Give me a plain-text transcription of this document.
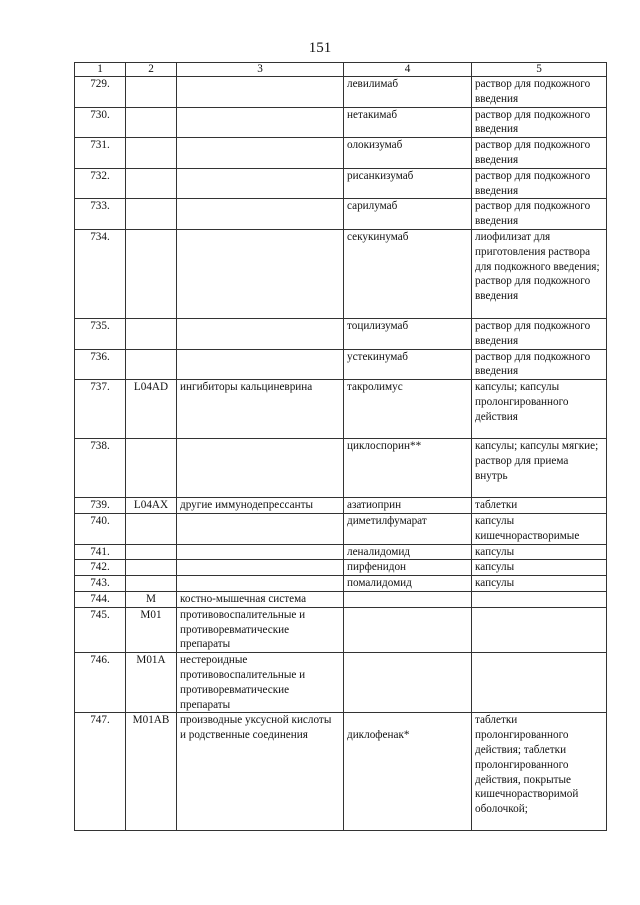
151
1	2	3	4	5
729.			левилимаб	раствор для подкожного введения
730.			нетакимаб	раствор для подкожного введения
731.			олокизумаб	раствор для подкожного введения
732.			рисанкизумаб	раствор для подкожного введения
733.			сарилумаб	раствор для подкожного введения
734.			секукинумаб	лиофилизат для приготовления раствора для подкожного введения; раствор для подкожного введения
735.			тоцилизумаб	раствор для подкожного введения
736.			устекинумаб	раствор для подкожного введения
737.	L04AD	ингибиторы кальциневрина	такролимус	капсулы; капсулы пролонгированного действия
738.			циклоспорин**	капсулы; капсулы мягкие; раствор для приема внутрь
739.	L04AX	другие иммунодепрессанты	азатиоприн	таблетки
740.			диметилфумарат	капсулы кишечнорастворимые
741.			леналидомид	капсулы
742.			пирфенидон	капсулы
743.			помалидомид	капсулы
744.	M	костно-мышечная система		
745.	M01	противовоспалительные и противоревматические препараты		
746.	M01A	нестероидные противовоспалительные и противоревматические препараты		
747.	M01AB	производные уксусной кислоты и родственные соединения	диклофенак*	таблетки пролонгированного действия; таблетки пролонгированного действия, покрытые кишечнорастворимой оболочкой;
